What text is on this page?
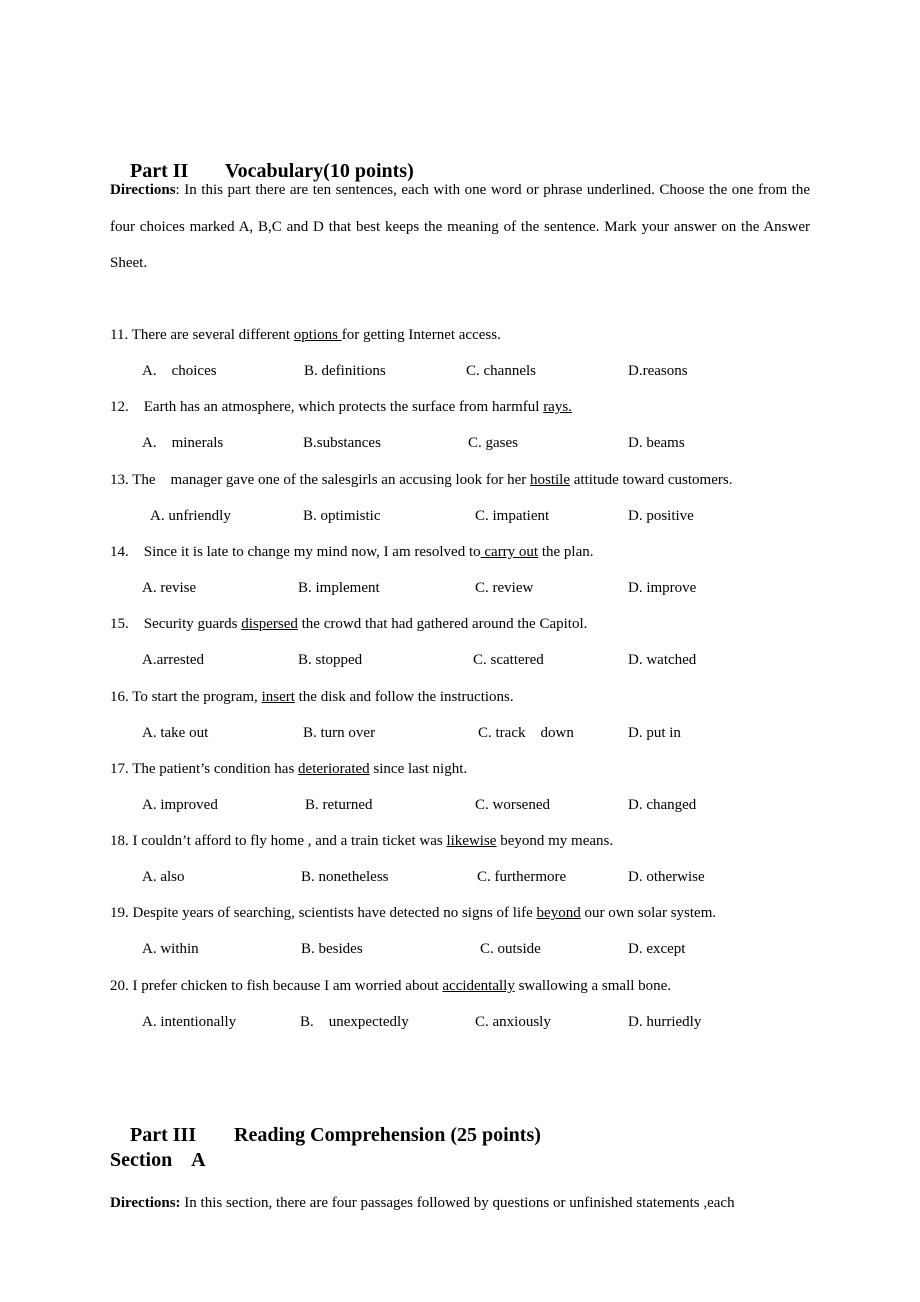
Part II Vocabulary(10 points)

Directions: In this part there are ten sentences, each with one word or phrase underlined. Choose the one from the four choices marked A, B,C and D that best keeps the meaning of the sentence. Mark your answer on the Answer Sheet.
11. There are several different options for getting Internet access.
A.    choices	B. definitions	C. channels	D.reasons
12.    Earth has an atmosphere, which protects the surface from harmful rays.
A.    minerals	B.substances	C. gases	D. beams
13. The    manager gave one of the salesgirls an accusing look for her hostile attitude toward customers.
A. unfriendly	B. optimistic	C. impatient	D. positive
14.    Since it is late to change my mind now, I am resolved to carry out the plan.
A. revise	B. implement	C. review	D. improve
15.    Security guards dispersed the crowd that had gathered around the Capitol.
A.arrested	B. stopped	C. scattered	D. watched
16. To start the program, insert the disk and follow the instructions.
A. take out	B. turn over	C. track    down	D. put in
17. The patient’s condition has deteriorated since last night.
A. improved	B. returned	C. worsened	D. changed
18. I couldn’t afford to fly home , and a train ticket was likewise beyond my means.
A. also	B. nonetheless	C. furthermore	D. otherwise
19. Despite years of searching, scientists have detected no signs of life beyond our own solar system.
A. within	B. besides	C. outside	D. except
20. I prefer chicken to fish because I am worried about accidentally swallowing a small bone.
A. intentionally	B.    unexpectedly	C. anxiously	D. hurriedly

Part III Reading Comprehension (25 points)

Section    A
Directions: In this section, there are four passages followed by questions or unfinished statements ,each
